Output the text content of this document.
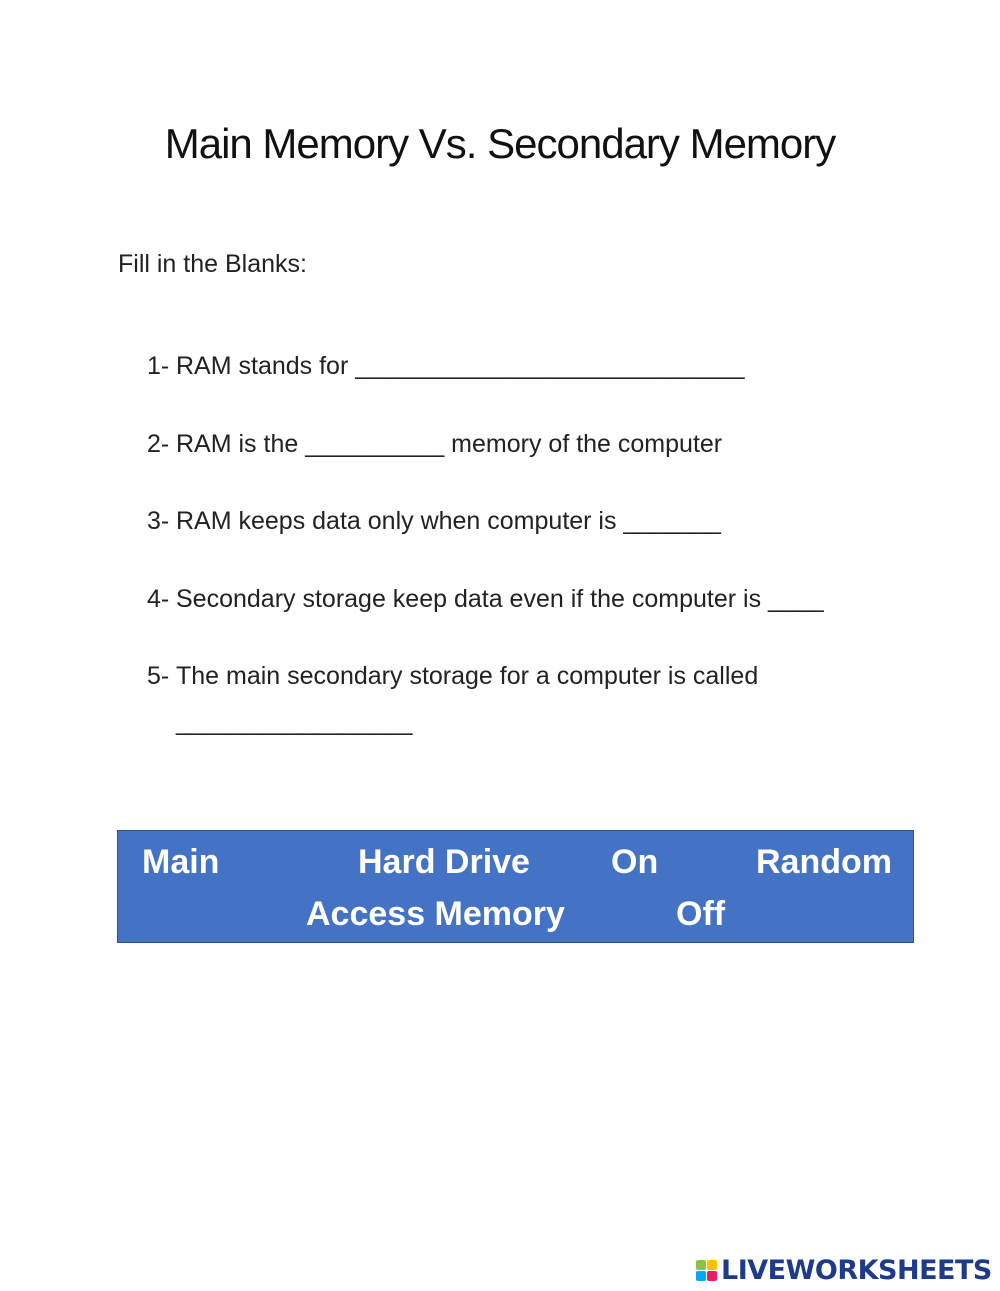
Main Memory Vs. Secondary Memory
Fill in the Blanks:
1- RAM stands for ____________________________
2- RAM is the __________ memory of the computer
3- RAM keeps data only when computer is _______
4- Secondary storage keep data even if the computer is ____
5- The main secondary storage for a computer is called
_________________
Main	Hard Drive On	Random
Access Memory	Off
LIVEWORKSHEETS
